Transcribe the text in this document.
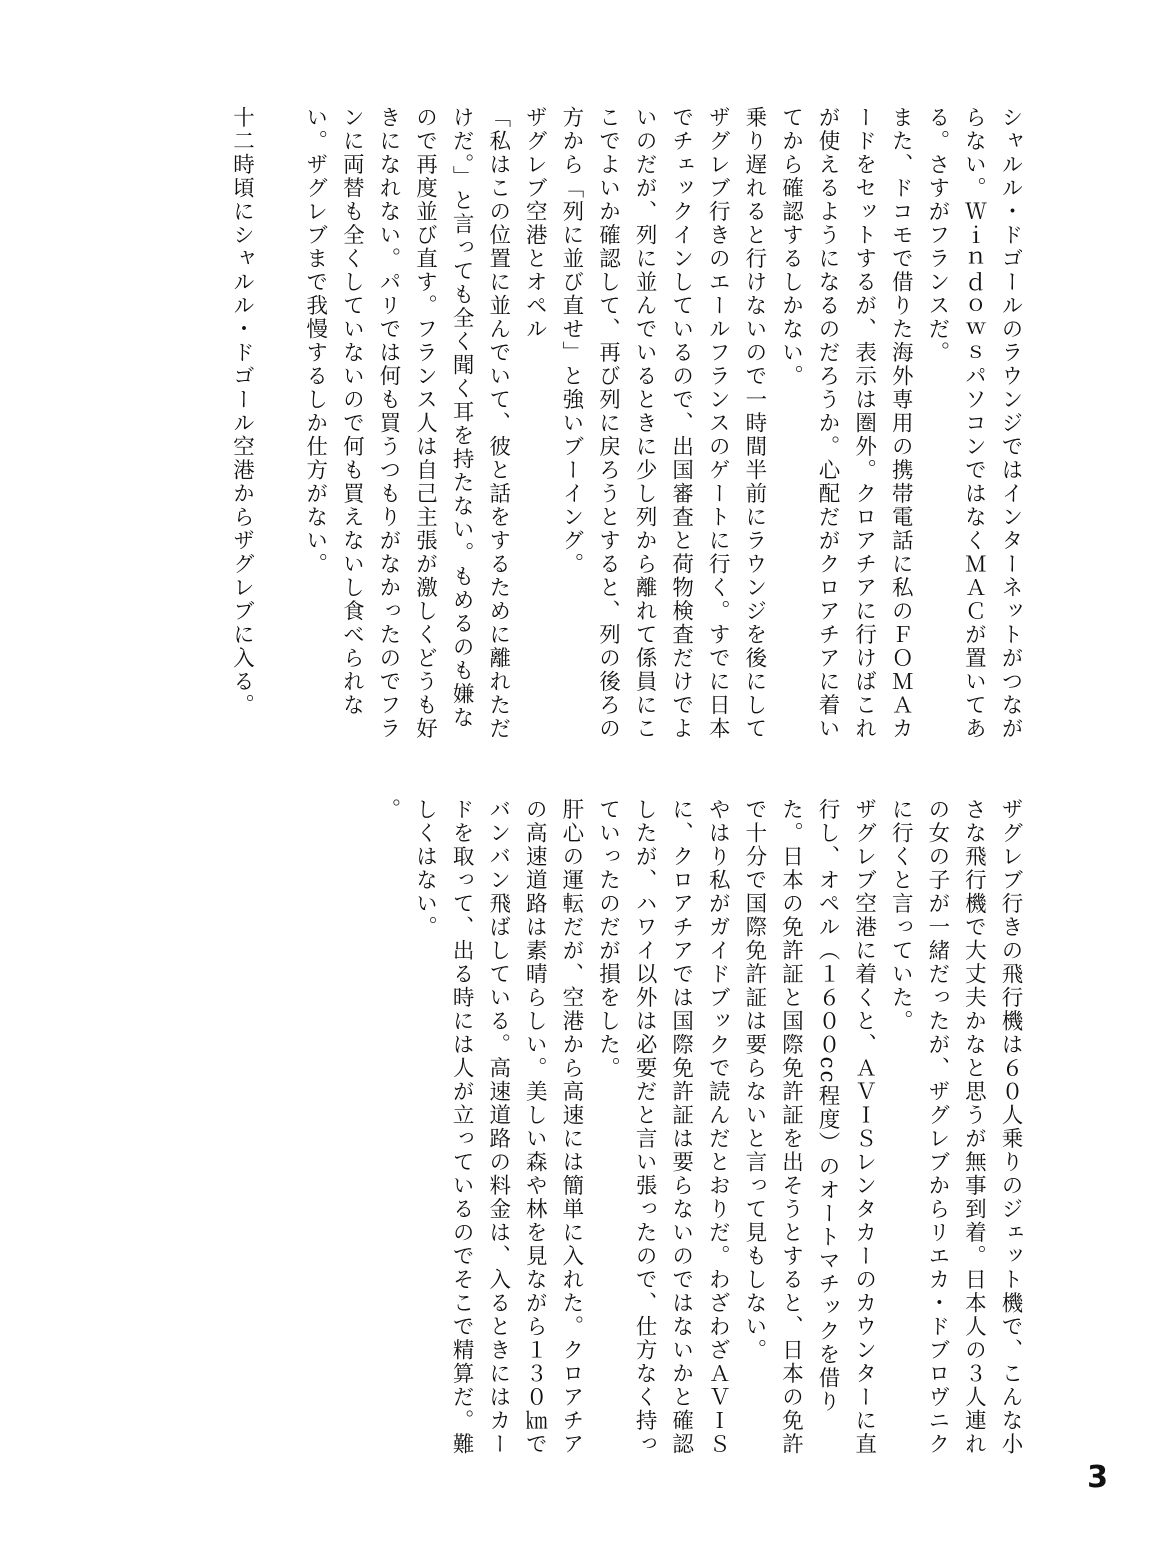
シャルル・ドゴールのラウンジではインターネットがつながらない。ＷｉｎｄｏｗｓパソコンではなくＭＡＣが置いてある。さすがフランスだ。

また、ドコモで借りた海外専用の携帯電話に私のＦＯＭＡカードをセットするが、表示は圏外。クロアチアに行けばこれが使えるようになるのだろうか。心配だがクロアチアに着いてから確認するしかない。

乗り遅れると行けないので一時間半前にラウンジを後にしてザグレブ行きのエールフランスのゲートに行く。すでに日本でチェックインしているので、出国審査と荷物検査だけでよいのだが、列に並んでいるときに少し列から離れて係員にここでよいか確認して、再び列に戻ろうとすると、列の後ろの方から「列に並び直せ」と強いブーイング。

ザグレブ空港とオペル

「私はこの位置に並んでいて、彼と話をするために離れただけだ。」と言っても全く聞く耳を持たない。もめるのも嫌なので再度並び直す。フランス人は自己主張が激しくどうも好きになれない。パリでは何も買うつもりがなかったのでフランに両替も全くしていないので何も買えないし食べられない。ザグレブまで我慢するしか仕方がない。

十二時頃にシャルル・ドゴール空港からザグレブに入る。

ザグレブ行きの飛行機は６０人乗りのジェット機で、こんな小さな飛行機で大丈夫かなと思うが無事到着。日本人の３人連れの女の子が一緒だったが、ザグレブからリエカ・ドブロヴニクに行くと言っていた。

ザグレブ空港に着くと、ＡＶＩＳレンタカーのカウンターに直行し、オペル（１６００cc程度）のオートマチックを借りた。日本の免許証と国際免許証を出そうとすると、日本の免許で十分で国際免許証は要らないと言って見もしない。

やはり私がガイドブックで読んだとおりだ。わざわざＡＶＩＳに、クロアチアでは国際免許証は要らないのではないかと確認したが、ハワイ以外は必要だと言い張ったので、仕方なく持っていったのだが損をした。

肝心の運転だが、空港から高速には簡単に入れた。クロアチアの高速道路は素晴らしい。美しい森や林を見ながら１３０㎞でバンバン飛ばしている。高速道路の料金は、入るときにはカードを取って、出る時には人が立っているのでそこで精算だ。難しくはない。

。

3
